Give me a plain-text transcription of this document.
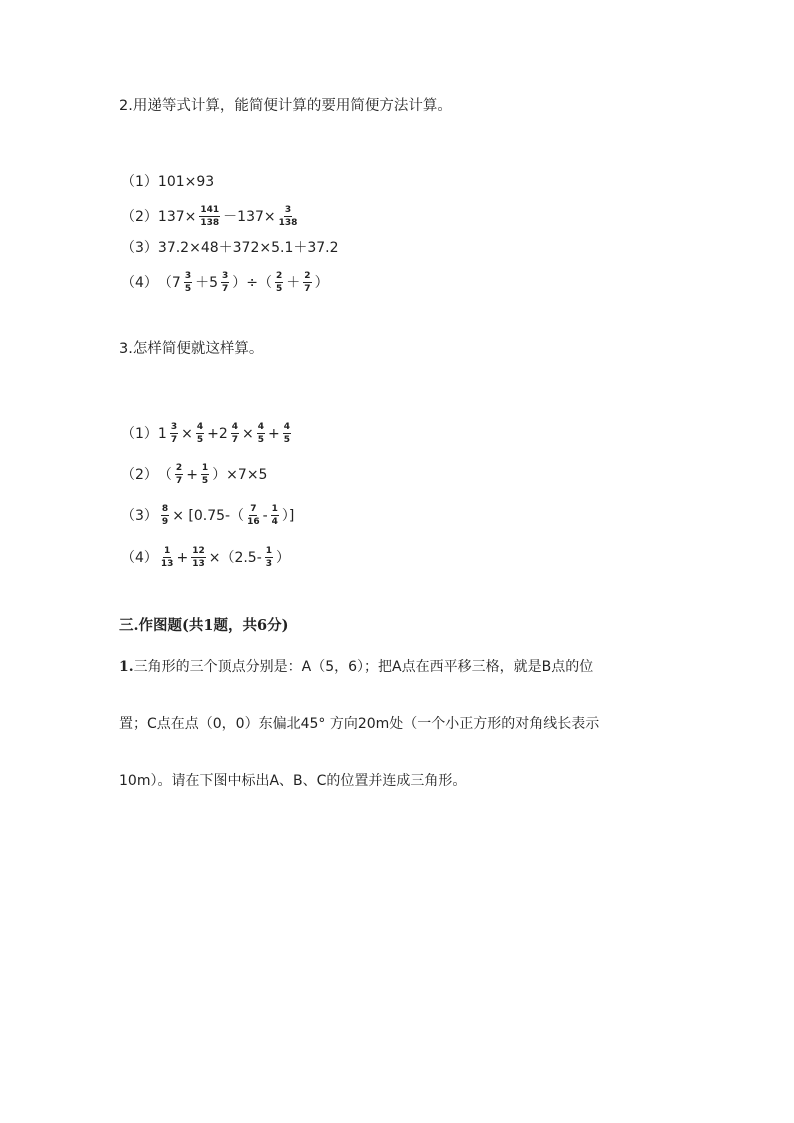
2.用递等式计算，能简便计算的要用简便方法计算。
（1） 101×93
（2） $137\times \frac{141}{138} -137\times \frac{3}{138}$
（3） 37.2×48＋372×5.1＋37.2
（4） （$7 \frac{3}{5} +5 \frac{3}{7}$ ）÷（ $\frac{2}{5} + \frac{2}{7}$ ）
3.怎样简便就这样算。
（1） $1 \frac{3}{7} \times \frac{4}{5} +2 \frac{4}{7} \times \frac{4}{5} + \frac{4}{5}$
（2） （ $\frac{2}{7} + \frac{1}{5} )\times 7\times 5$
$(3) \frac{8}{9} \times [0.75-( \frac{7}{16} - \frac{1}{4}$ ）]
$(4) \frac{1}{13} + \frac{12}{13} \times(2.5- \frac{1}{3}$ ）
三.作图题(共1题，共6分)
1.三角形的三个顶点分别是：A（5，6）；把A点在西平移三格，就是B点的位
置；C点在点（0，0）东偏北45° 方向20m处（一个小正方形的对角线长表示
10m）。请在下图中标出A、B、C的位置并连成三角形。
